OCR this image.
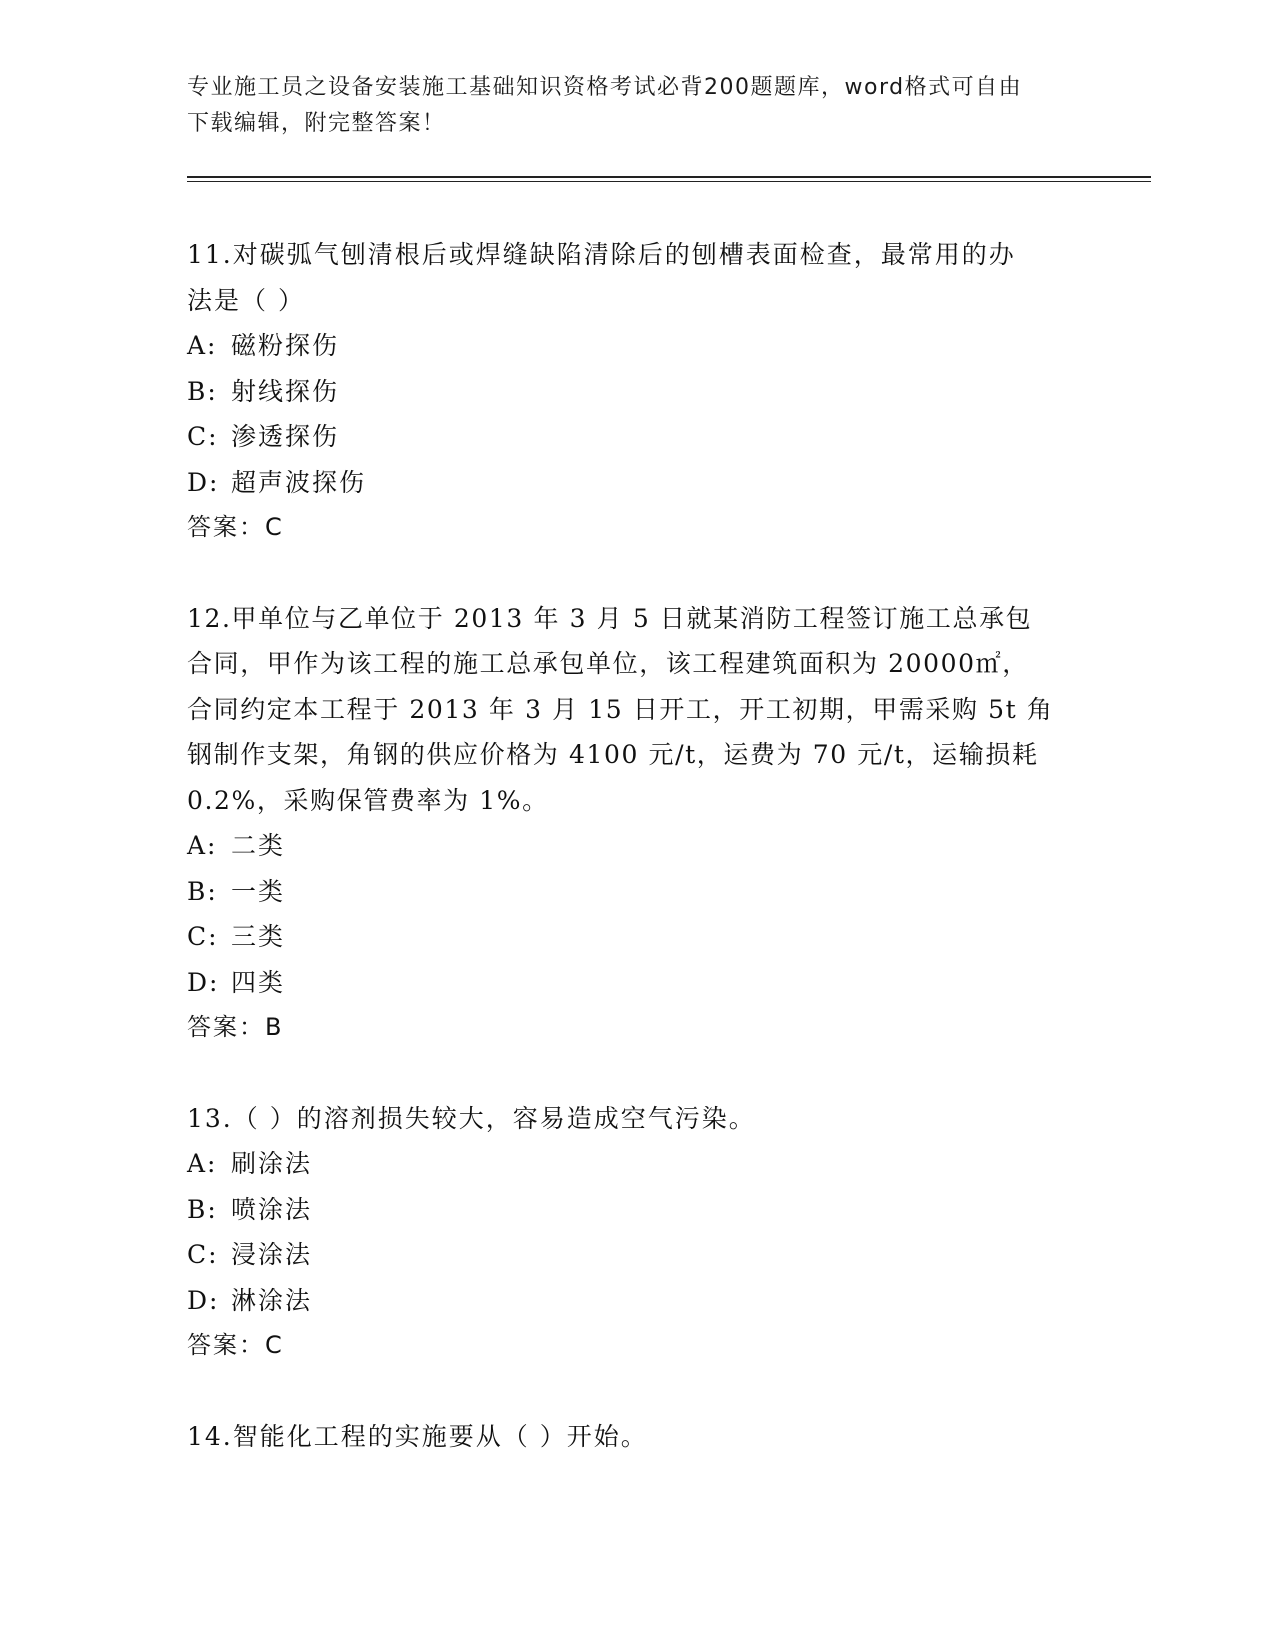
专业施工员之设备安装施工基础知识资格考试必背200题题库，word格式可自由

下载编辑，附完整答案！

11.对碳弧气刨清根后或焊缝缺陷清除后的刨槽表面检查，最常用的办

法是（ ）

A: 磁粉探伤

B: 射线探伤

C: 渗透探伤

D: 超声波探伤

答案：C

12.甲单位与乙单位于 2013 年 3 月 5 日就某消防工程签订施工总承包

合同，甲作为该工程的施工总承包单位，该工程建筑面积为 20000㎡，

合同约定本工程于 2013 年 3 月 15 日开工，开工初期，甲需采购 5t 角

钢制作支架，角钢的供应价格为 4100 元/t，运费为 70 元/t，运输损耗

0.2%，采购保管费率为 1%。

A: 二类

B: 一类

C: 三类

D: 四类

答案：B

13.（ ）的溶剂损失较大，容易造成空气污染。

A: 刷涂法

B: 喷涂法

C: 浸涂法

D: 淋涂法

答案：C

14.智能化工程的实施要从（ ）开始。
